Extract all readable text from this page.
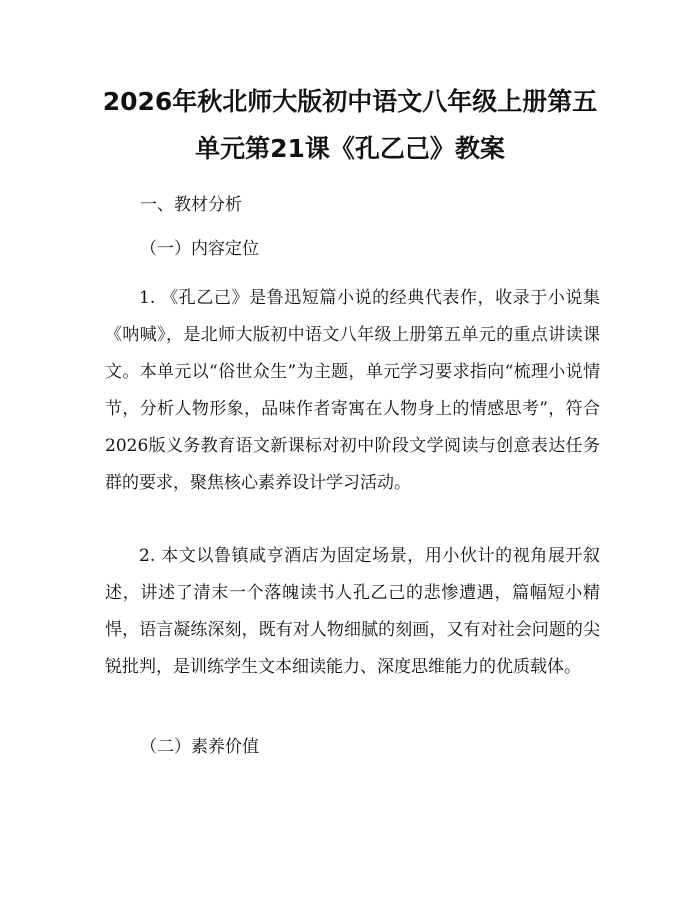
2026年秋北师大版初中语文八年级上册第五
单元第21课《孔乙己》教案

一、教材分析

（一）内容定位

1. 《孔乙己》是鲁迅短篇小说的经典代表作，收录于小说集《呐喊》，是北师大版初中语文八年级上册第五单元的重点讲读课文。本单元以“俗世众生”为主题，单元学习要求指向“梳理小说情节，分析人物形象，品味作者寄寓在人物身上的情感思考”，符合2026版义务教育语文新课标对初中阶段文学阅读与创意表达任务群的要求，聚焦核心素养设计学习活动。

2. 本文以鲁镇咸亨酒店为固定场景，用小伙计的视角展开叙述，讲述了清末一个落魄读书人孔乙己的悲惨遭遇，篇幅短小精悍，语言凝练深刻，既有对人物细腻的刻画，又有对社会问题的尖锐批判，是训练学生文本细读能力、深度思维能力的优质载体。

（二）素养价值
